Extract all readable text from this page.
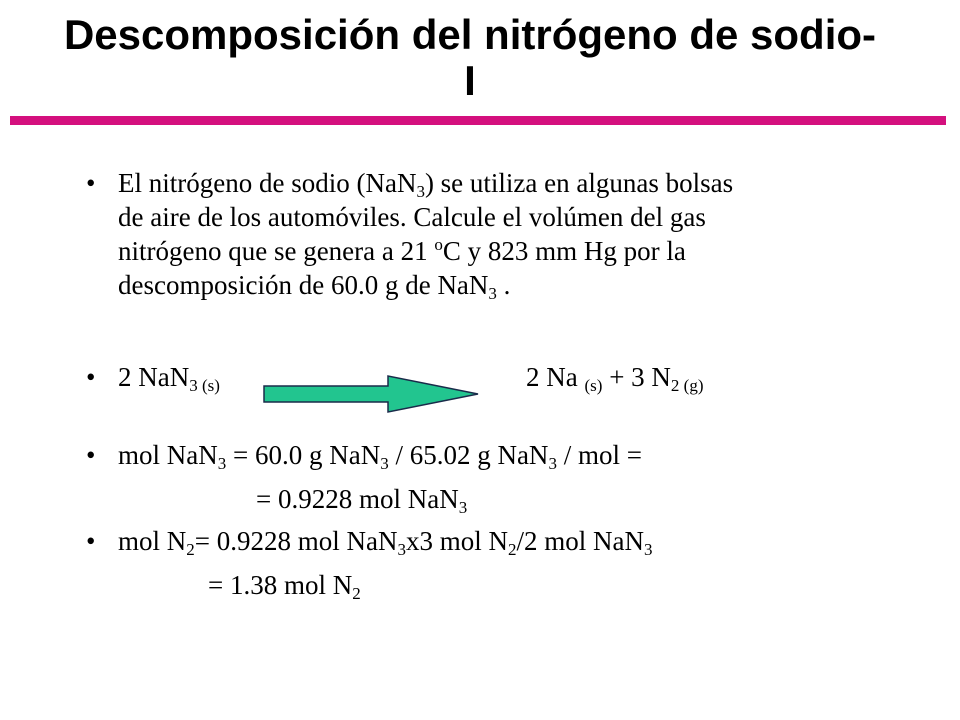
Descomposición del nitrógeno de sodio- I
• El nitrógeno de sodio (NaN$_3$) se utiliza en algunas bolsas
de aire de los automóviles. Calcule el volúmen del gas
nitrógeno que se genera a 21 $^o$C y 823 mm Hg por la
descomposición de 60.0 g de NaN$_3$ .
• 2 NaN$_{3 (s)}$	2 Na $_{(s)}$ + 3 $N_{2 (g)}$
• mol NaN$_3$ = 60.0 g NaN$_3$ / 65.02 g NaN$_3$ / mol =
= 0.9228 mol NaN$_3$
• mol $N_2= 0.9228$ mol NaN$_3$x3 mol $N_2/2$ mol NaN$_3$
= 1.38 mol $N_2$
